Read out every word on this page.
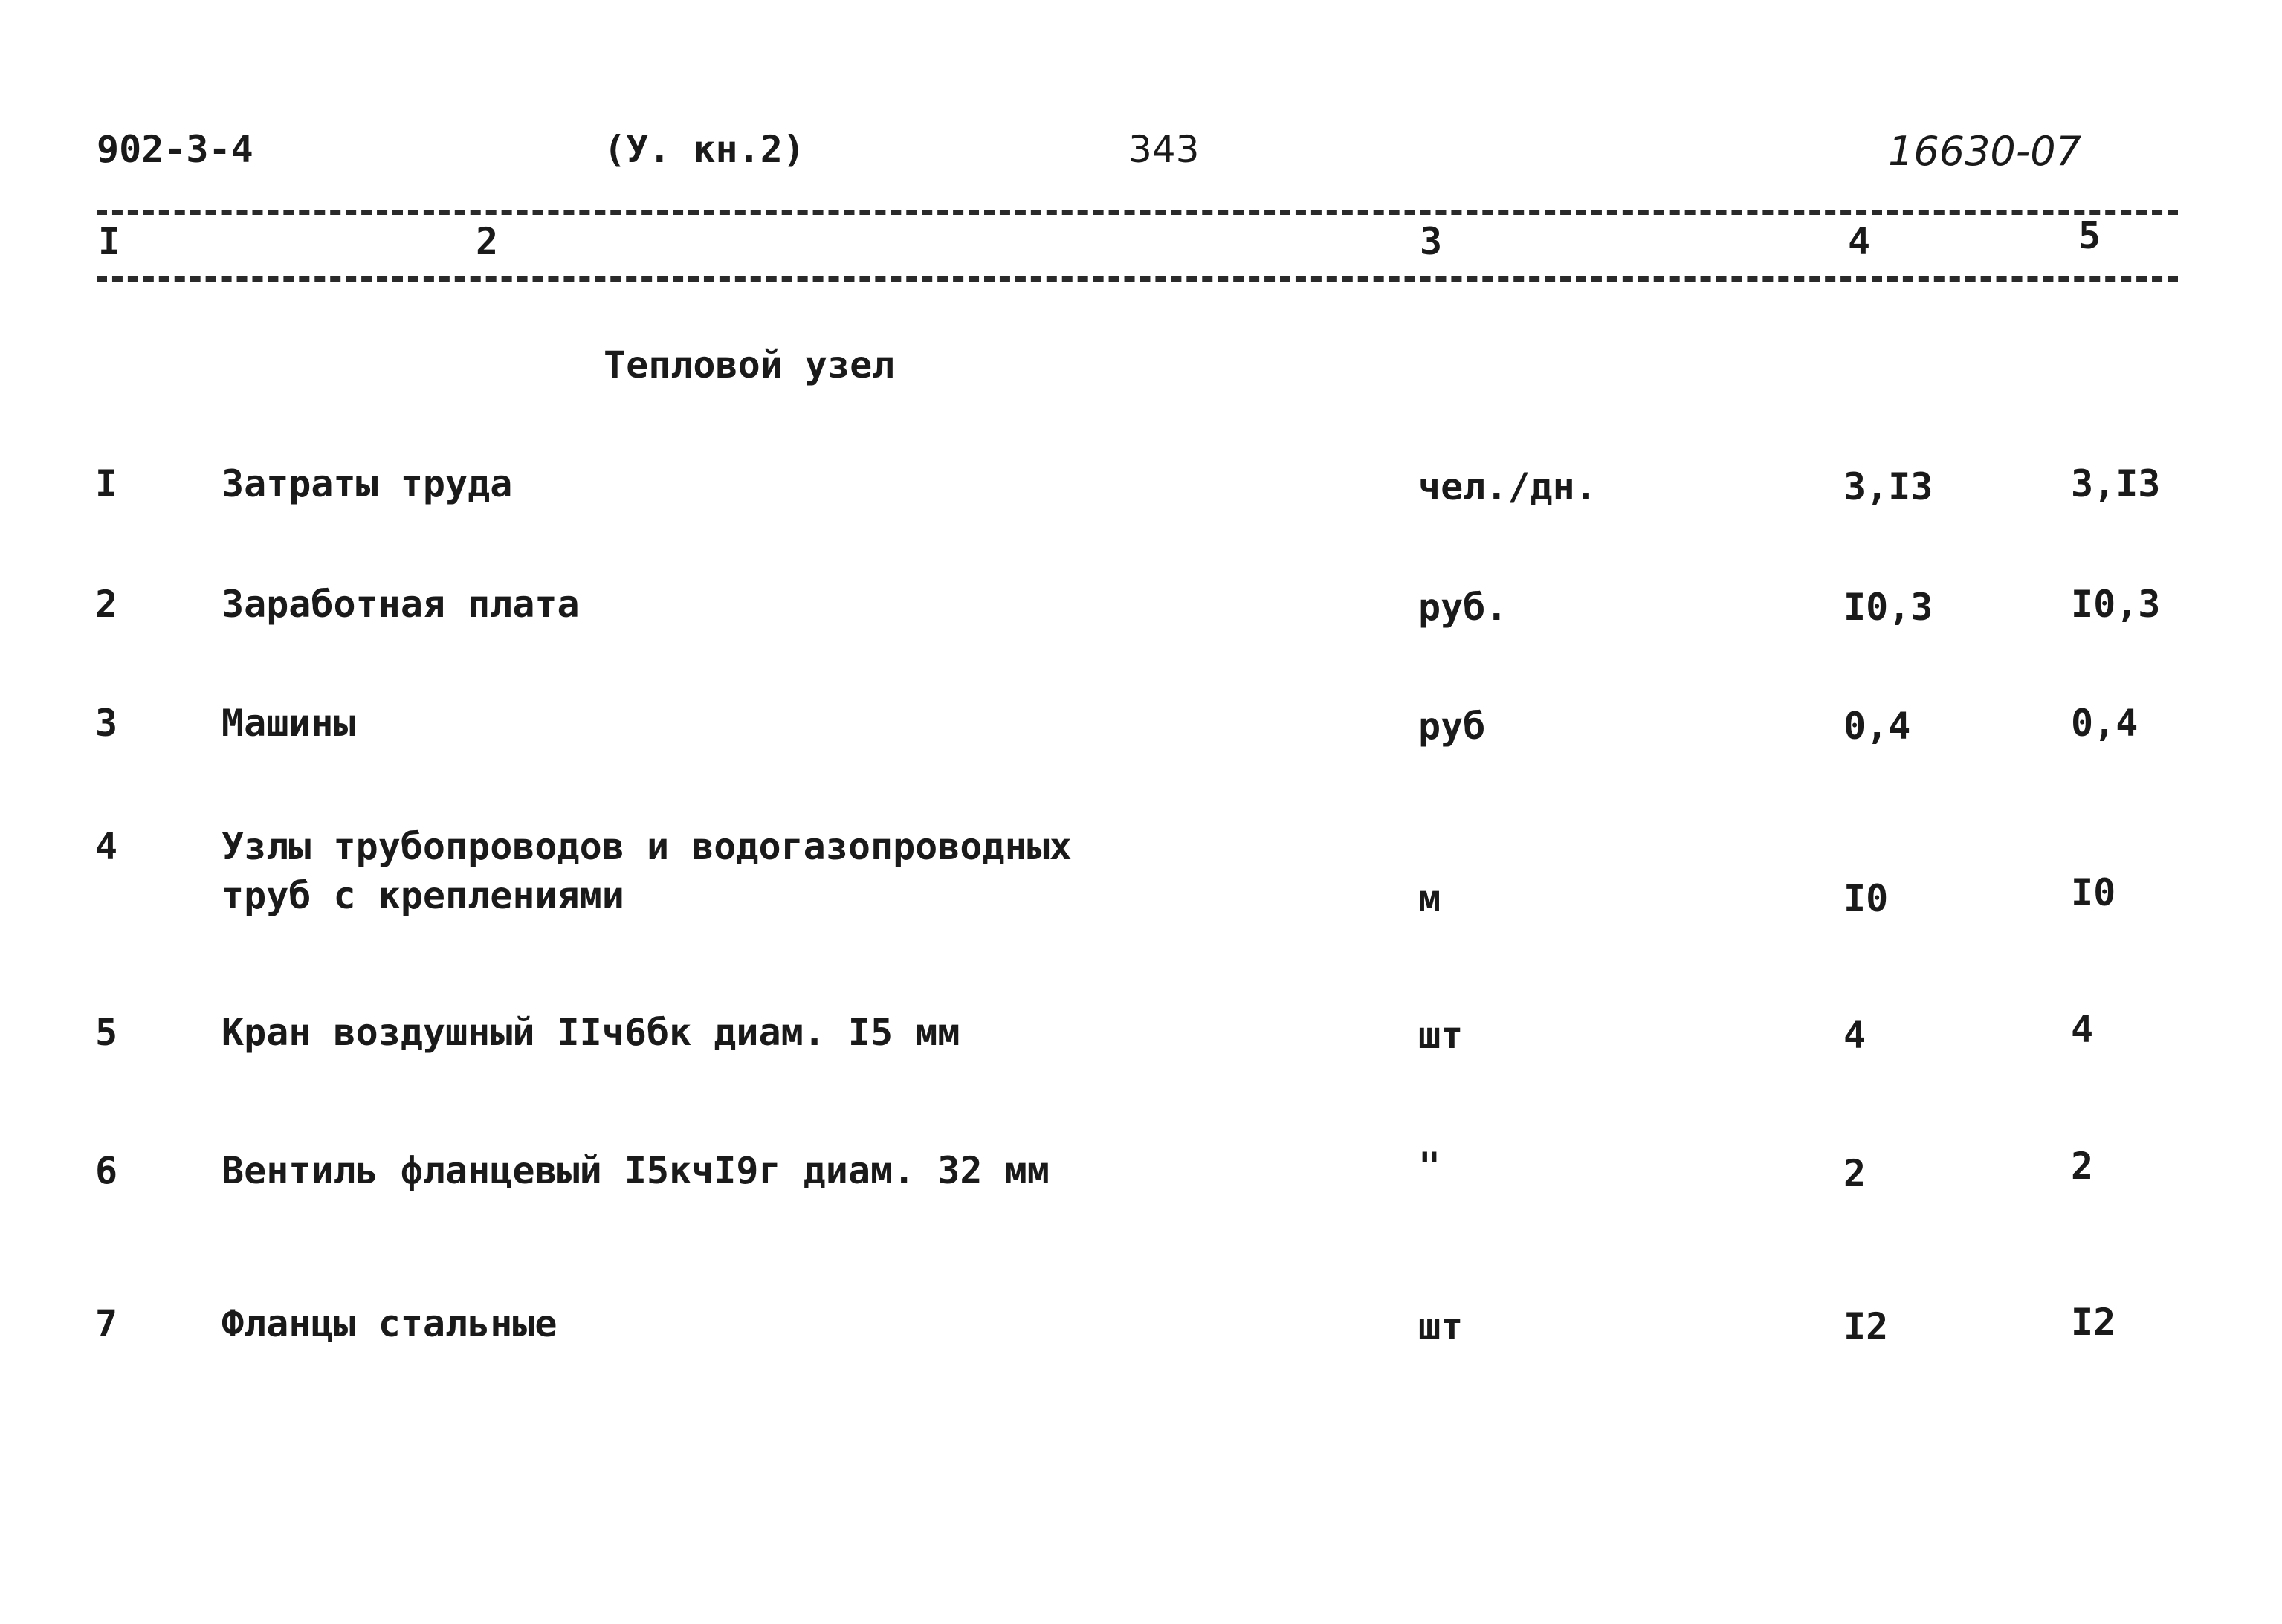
902-3-4	(У. кн.2)	343	16630-07
I	2	3	4	5
Тепловой узел
I	Затраты труда	чел./дн.	3,I3	3,I3
2	Заработная плата	руб.	I0,3	I0,3
3	Машины	руб	0,4	0,4
4	Узлы трубопроводов и водогазопроводных
труб с креплениями	м	I0	I0
5	Кран воздушный IIч6бк диам. I5 мм	шт	4	4
6	Вентиль фланцевый I5кчI9г диам. 32 мм	"	2	2
7	Фланцы стальные	шт	I2	I2
